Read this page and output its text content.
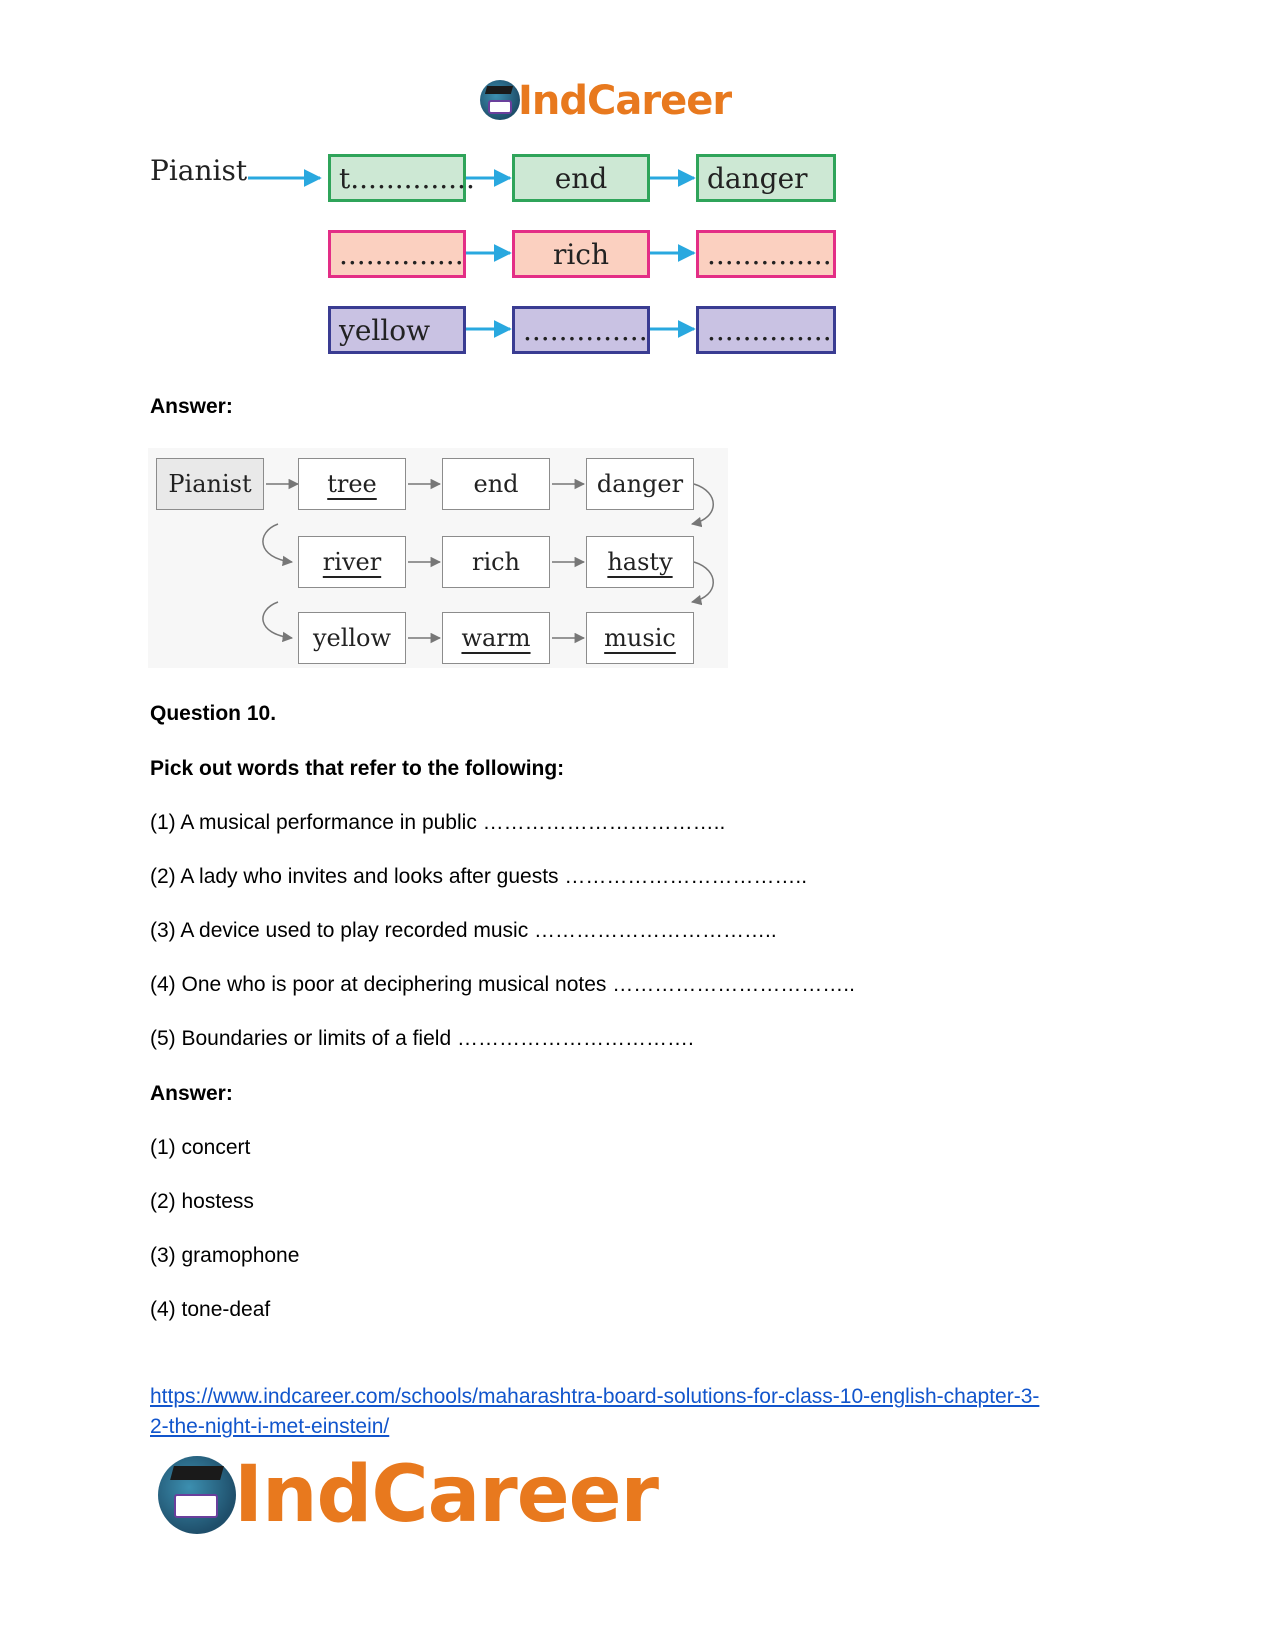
IndCareer
Pianist	t..............	end	danger
..............	rich	..............
yellow	..............	..............
Answer:
Pianist	tree	end	danger
river	rich	hasty
yellow	warm	music
Question 10.
Pick out words that refer to the following:
(1) A musical performance in public ……………………………..
(2) A lady who invites and looks after guests ……………………………..
(3) A device used to play recorded music ……………………………..
(4) One who is poor at deciphering musical notes ……………………………..
(5) Boundaries or limits of a field …………………………….
Answer:
(1) concert
(2) hostess
(3) gramophone
(4) tone-deaf
https://www.indcareer.com/schools/maharashtra-board-solutions-for-class-10-english-chapter-3-
2-the-night-i-met-einstein/
IndCareer
